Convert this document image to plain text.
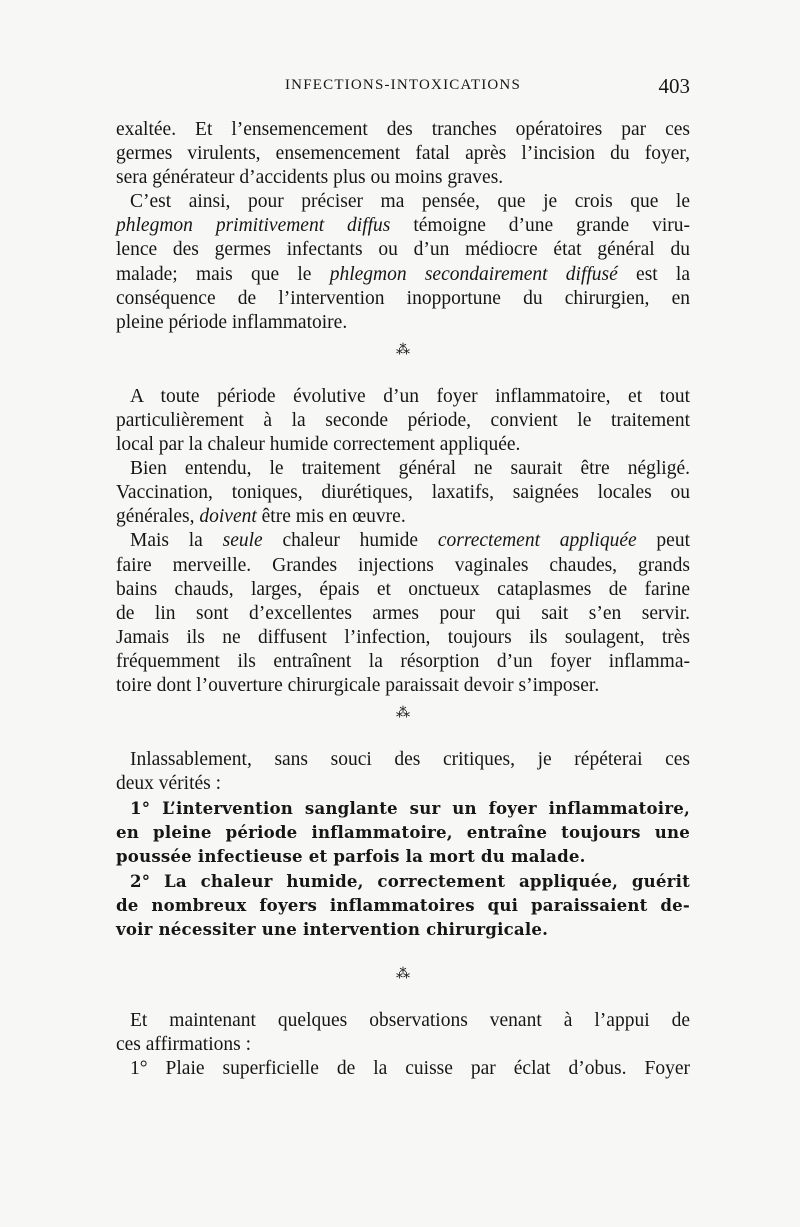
INFECTIONS-INTOXICATIONS	403
exaltée. Et l’ensemencement des tranches opératoires par ces
germes virulents, ensemencement fatal après l’incision du foyer,
sera générateur d’accidents plus ou moins graves.
C’est ainsi, pour préciser ma pensée, que je crois que le
phlegmon primitivement diffus témoigne d’une grande viru-
lence des germes infectants ou d’un médiocre état général du
malade; mais que le phlegmon secondairement diffusé est la
conséquence de l’intervention inopportune du chirurgien, en
pleine période inflammatoire.
⁂
A toute période évolutive d’un foyer inflammatoire, et tout
particulièrement à la seconde période, convient le traitement
local par la chaleur humide correctement appliquée.
Bien entendu, le traitement général ne saurait être négligé.
Vaccination, toniques, diurétiques, laxatifs, saignées locales ou
générales, doivent être mis en œuvre.
Mais la seule chaleur humide correctement appliquée peut
faire merveille. Grandes injections vaginales chaudes, grands
bains chauds, larges, épais et onctueux cataplasmes de farine
de lin sont d’excellentes armes pour qui sait s’en servir.
Jamais ils ne diffusent l’infection, toujours ils soulagent, très
fréquemment ils entraînent la résorption d’un foyer inflamma-
toire dont l’ouverture chirurgicale paraissait devoir s’imposer.
⁂
Inlassablement, sans souci des critiques, je répéterai ces
deux vérités :
1° L’intervention sanglante sur un foyer inflammatoire,
en pleine période inflammatoire, entraîne toujours une
poussée infectieuse et parfois la mort du malade.
2° La chaleur humide, correctement appliquée, guérit
de nombreux foyers inflammatoires qui paraissaient de-
voir nécessiter une intervention chirurgicale.
⁂
Et maintenant quelques observations venant à l’appui de
ces affirmations :
1° Plaie superficielle de la cuisse par éclat d’obus. Foyer
